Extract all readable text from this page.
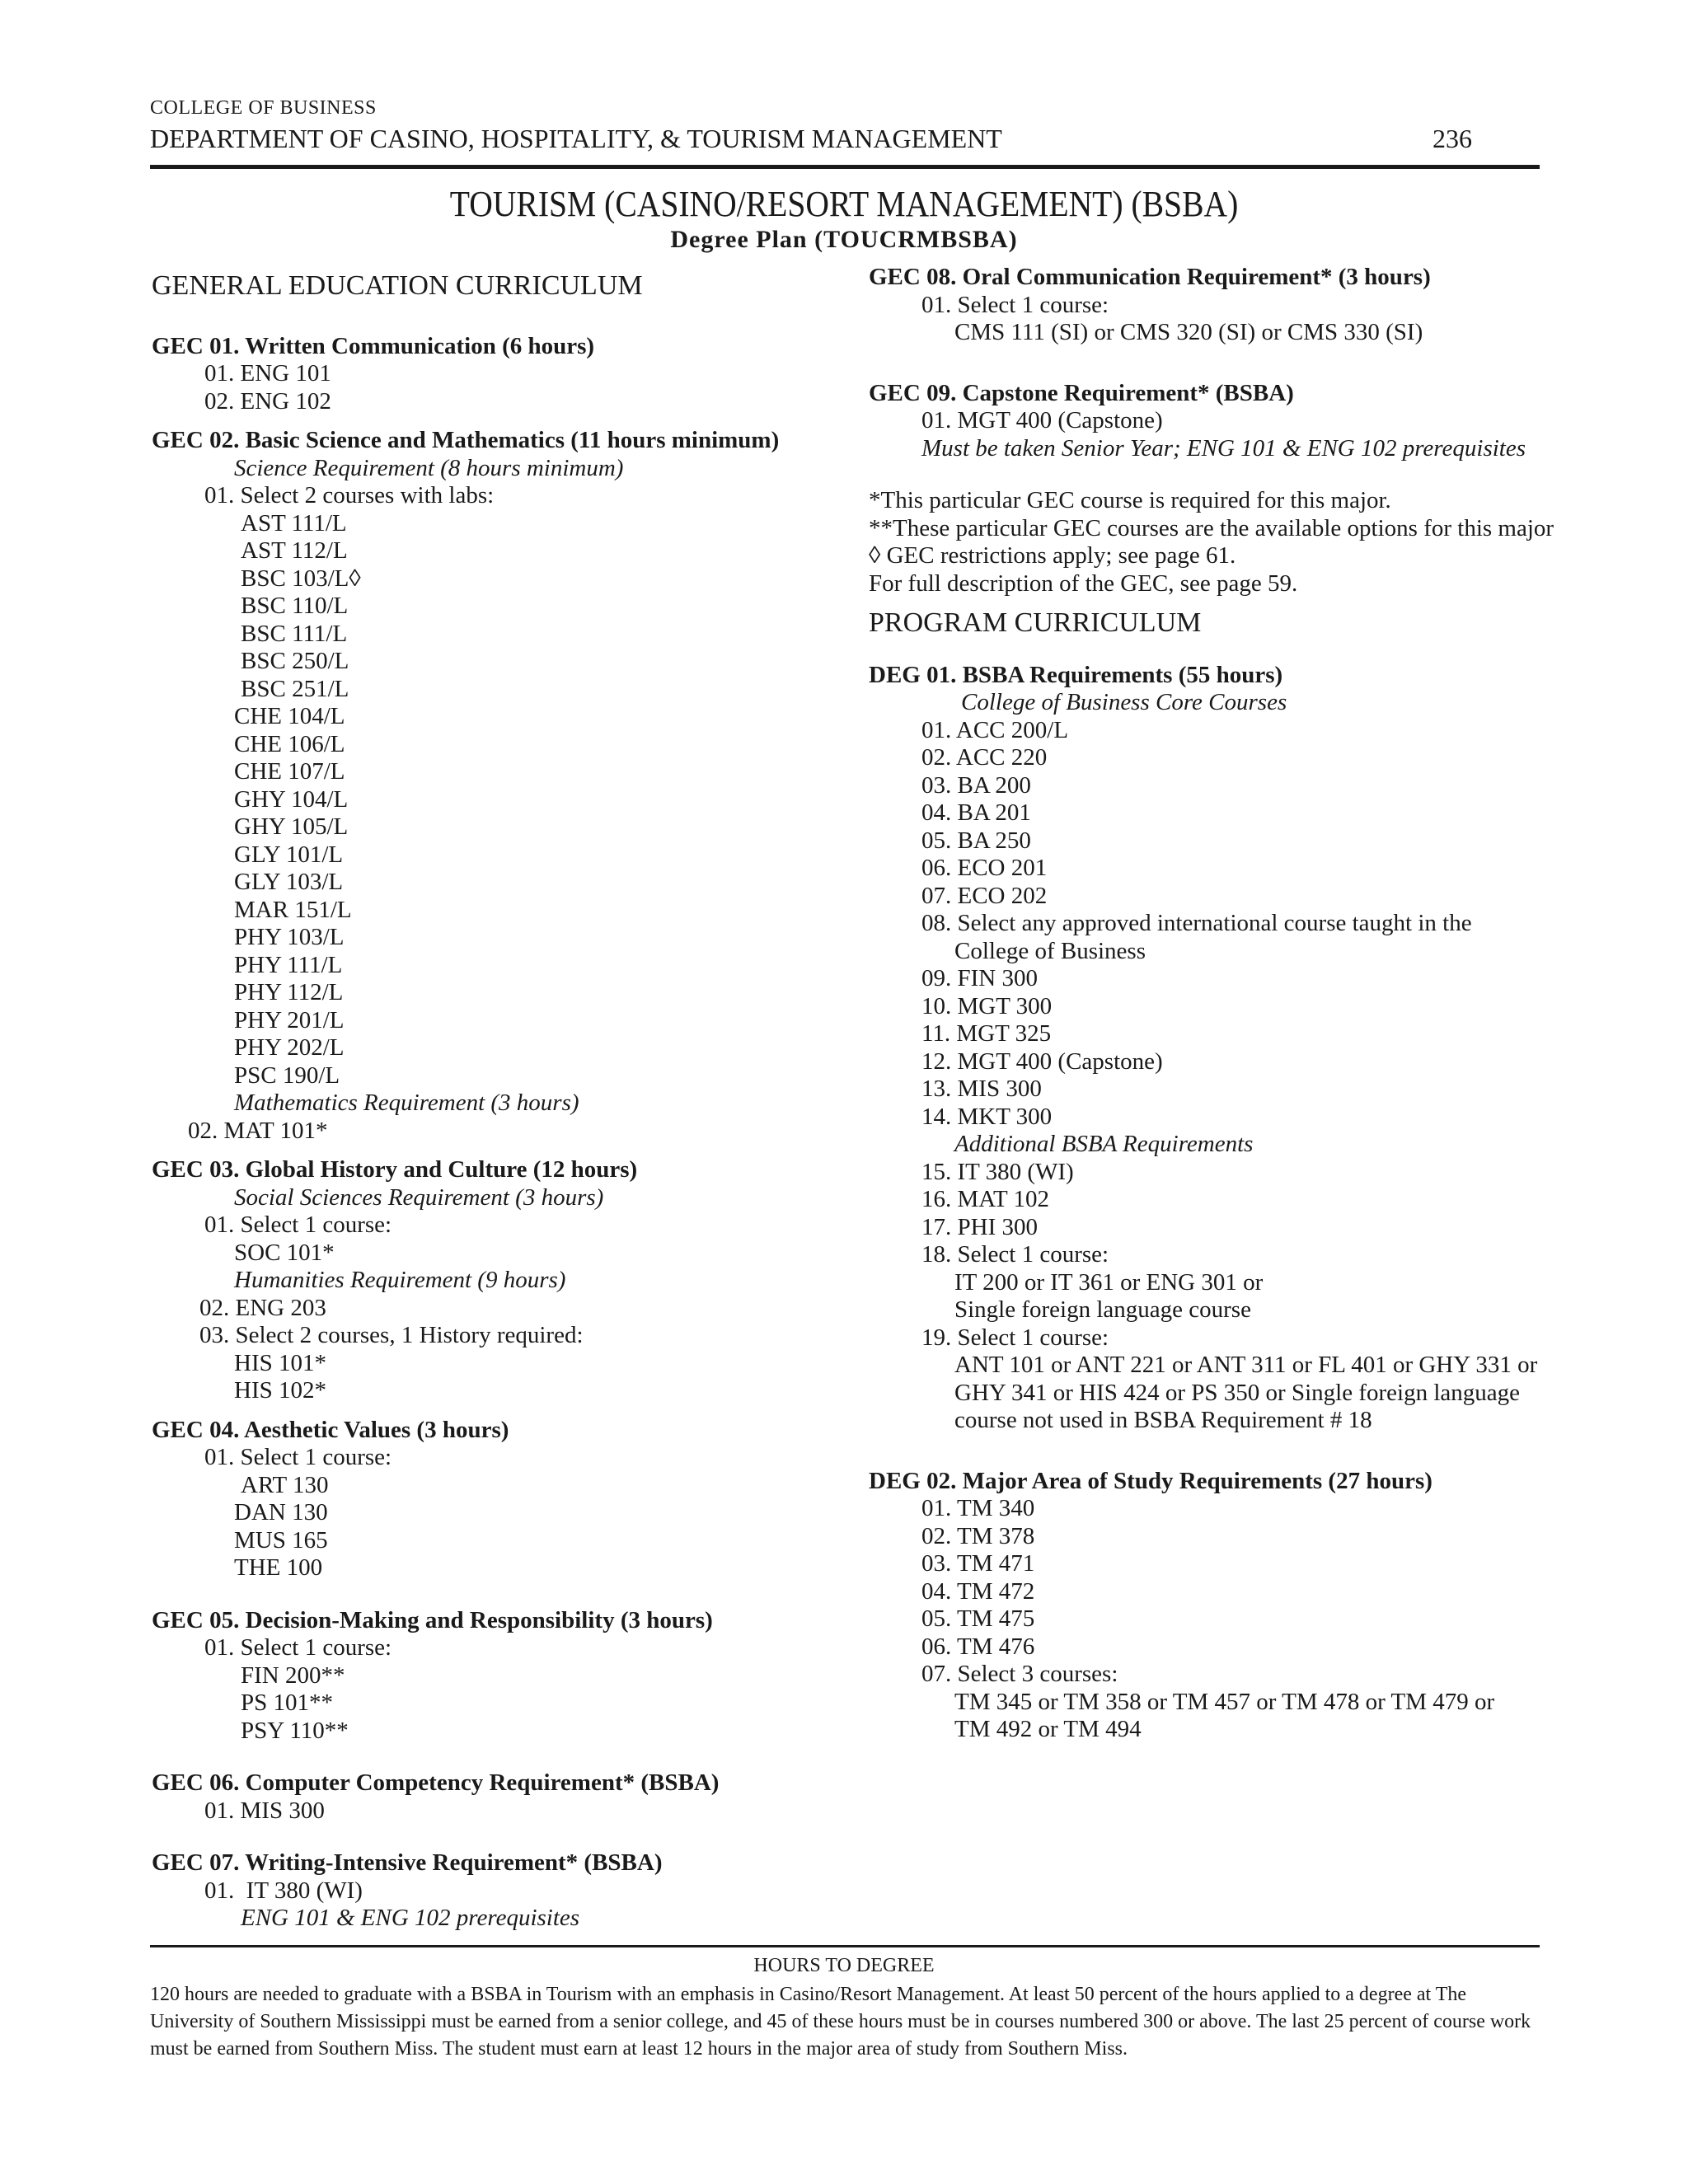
COLLEGE OF BUSINESS
DEPARTMENT OF CASINO, HOSPITALITY, & TOURISM MANAGEMENT	236
TOURISM (CASINO/RESORT MANAGEMENT) (BSBA)
Degree Plan (TOUCRMBSBA)
GENERAL EDUCATION CURRICULUM
GEC 01. Written Communication (6 hours)
01. ENG 101
02. ENG 102
GEC 02. Basic Science and Mathematics (11 hours minimum)
Science Requirement (8 hours minimum)
01. Select 2 courses with labs:
AST 111/L
AST 112/L
BSC 103/L◊
BSC 110/L
BSC 111/L
BSC 250/L
BSC 251/L
CHE 104/L
CHE 106/L
CHE 107/L
GHY 104/L
GHY 105/L
GLY 101/L
GLY 103/L
MAR 151/L
PHY 103/L
PHY 111/L
PHY 112/L
PHY 201/L
PHY 202/L
PSC 190/L
Mathematics Requirement (3 hours)
02. MAT 101*
GEC 03. Global History and Culture (12 hours)
Social Sciences Requirement (3 hours)
01. Select 1 course:
SOC 101*
Humanities Requirement (9 hours)
02. ENG 203
03. Select 2 courses, 1 History required:
HIS 101*
HIS 102*
GEC 04. Aesthetic Values (3 hours)
01. Select 1 course:
ART 130
DAN 130
MUS 165
THE 100
GEC 05. Decision-Making and Responsibility (3 hours)
01. Select 1 course:
FIN 200**
PS 101**
PSY 110**
GEC 06. Computer Competency Requirement* (BSBA)
01. MIS 300
GEC 07. Writing-Intensive Requirement* (BSBA)
01.  IT 380 (WI)
ENG 101 & ENG 102 prerequisites
GEC 08. Oral Communication Requirement* (3 hours)
01. Select 1 course:
CMS 111 (SI) or CMS 320 (SI) or CMS 330 (SI)
GEC 09. Capstone Requirement* (BSBA)
01. MGT 400 (Capstone)
Must be taken Senior Year; ENG 101 & ENG 102 prerequisites
*This particular GEC course is required for this major.
**These particular GEC courses are the available options for this major
◊ GEC restrictions apply; see page 61.
For full description of the GEC, see page 59.
PROGRAM CURRICULUM
DEG 01. BSBA Requirements (55 hours)
College of Business Core Courses
01. ACC 200/L
02. ACC 220
03. BA 200
04. BA 201
05. BA 250
06. ECO 201
07. ECO 202
08. Select any approved international course taught in the
College of Business
09. FIN 300
10. MGT 300
11. MGT 325
12. MGT 400 (Capstone)
13. MIS 300
14. MKT 300
Additional BSBA Requirements
15. IT 380 (WI)
16. MAT 102
17. PHI 300
18. Select 1 course:
IT 200 or IT 361 or ENG 301 or
Single foreign language course
19. Select 1 course:
ANT 101 or ANT 221 or ANT 311 or FL 401 or GHY 331 or
GHY 341 or HIS 424 or PS 350 or Single foreign language
course not used in BSBA Requirement # 18
DEG 02. Major Area of Study Requirements (27 hours)
01. TM 340
02. TM 378
03. TM 471
04. TM 472
05. TM 475
06. TM 476
07. Select 3 courses:
TM 345 or TM 358 or TM 457 or TM 478 or TM 479 or
TM 492 or TM 494
HOURS TO DEGREE
120 hours are needed to graduate with a BSBA in Tourism with an emphasis in Casino/Resort Management. At least 50 percent of the hours applied to a degree at The University of Southern Mississippi must be earned from a senior college, and 45 of these hours must be in courses numbered 300 or above. The last 25 percent of course work must be earned from Southern Miss. The student must earn at least 12 hours in the major area of study from Southern Miss.
